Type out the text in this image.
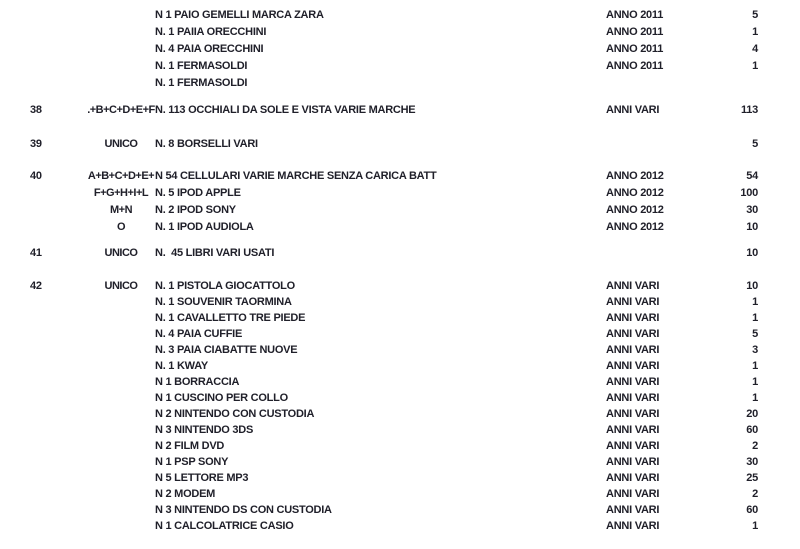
N 1 PAIO GEMELLI MARCA ZARA	ANNO 2011	5
N. 1 PAIIA ORECCHINI	ANNO 2011	1
N. 4 PAIA ORECCHINI	ANNO 2011	4
N. 1 FERMASOLDI	ANNO 2011	1
N. 1 FERMASOLDI
38	.+B+C+D+E+F N. 113 OCCHIALI DA SOLE E VISTA VARIE MARCHE	ANNI VARI	113
39	UNICO	N. 8 BORSELLI VARI	5
40	A+B+C+D+E+ N 54 CELLULARI VARIE MARCHE SENZA CARICA BATT	ANNO 2012	54
F+G+H+I+L N. 5 IPOD APPLE	ANNO 2012	100
M+N	N. 2 IPOD SONY	ANNO 2012	30
O	N. 1 IPOD AUDIOLA	ANNO 2012	10
41	UNICO	N.  45 LIBRI VARI USATI	10
42	UNICO	N. 1 PISTOLA GIOCATTOLO	ANNI VARI	10
N. 1 SOUVENIR TAORMINA	ANNI VARI	1
N. 1 CAVALLETTO TRE PIEDE	ANNI VARI	1
N. 4 PAIA CUFFIE	ANNI VARI	5
N. 3 PAIA CIABATTE NUOVE	ANNI VARI	3
N. 1 KWAY	ANNI VARI	1
N 1 BORRACCIA	ANNI VARI	1
N 1 CUSCINO PER COLLO	ANNI VARI	1
N 2 NINTENDO CON CUSTODIA	ANNI VARI	20
N 3 NINTENDO 3DS	ANNI VARI	60
N 2 FILM DVD	ANNI VARI	2
N 1 PSP SONY	ANNI VARI	30
N 5 LETTORE MP3	ANNI VARI	25
N 2 MODEM	ANNI VARI	2
N 3 NINTENDO DS CON CUSTODIA	ANNI VARI	60
N 1 CALCOLATRICE CASIO	ANNI VARI	1
